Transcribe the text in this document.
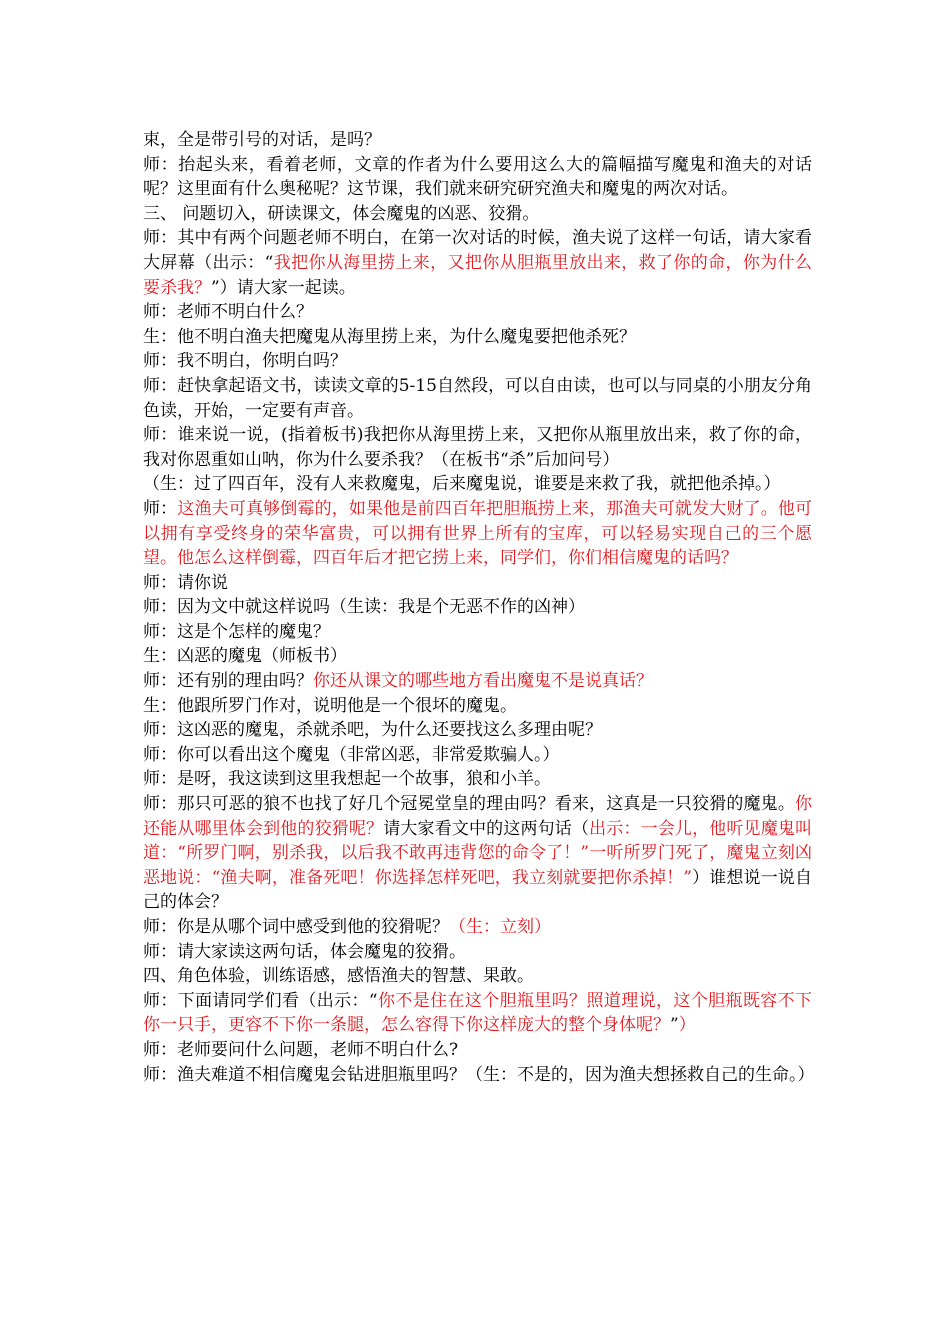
束，全是带引号的对话，是吗？

师：抬起头来，看着老师，文章的作者为什么要用这么大的篇幅描写魔鬼和渔夫的对话呢？这里面有什么奥秘呢？这节课，我们就来研究研究渔夫和魔鬼的两次对话。

三、 问题切入，研读课文，体会魔鬼的凶恶、狡猾。

师：其中有两个问题老师不明白，在第一次对话的时候，渔夫说了这样一句话，请大家看大屏幕（出示：“我把你从海里捞上来，又把你从胆瓶里放出来，救了你的命，你为什么要杀我？”）请大家一起读。

师：老师不明白什么？

生：他不明白渔夫把魔鬼从海里捞上来，为什么魔鬼要把他杀死？

师：我不明白，你明白吗？

师：赶快拿起语文书，读读文章的5-15自然段，可以自由读，也可以与同桌的小朋友分角色读，开始，一定要有声音。

师：谁来说一说，(指着板书)我把你从海里捞上来，又把你从瓶里放出来，救了你的命，我对你恩重如山呐，你为什么要杀我？（在板书“杀”后加问号）

（生：过了四百年，没有人来救魔鬼，后来魔鬼说，谁要是来救了我，就把他杀掉。）

师：这渔夫可真够倒霉的，如果他是前四百年把胆瓶捞上来，那渔夫可就发大财了。他可以拥有享受终身的荣华富贵，可以拥有世界上所有的宝库，可以轻易实现自己的三个愿望。他怎么这样倒霉，四百年后才把它捞上来，同学们，你们相信魔鬼的话吗？

师：请你说

师：因为文中就这样说吗（生读：我是个无恶不作的凶神）

师：这是个怎样的魔鬼？

生：凶恶的魔鬼（师板书）

师：还有别的理由吗？你还从课文的哪些地方看出魔鬼不是说真话？

生：他跟所罗门作对，说明他是一个很坏的魔鬼。

师：这凶恶的魔鬼，杀就杀吧，为什么还要找这么多理由呢？

师：你可以看出这个魔鬼（非常凶恶，非常爱欺骗人。）

师：是呀，我这读到这里我想起一个故事，狼和小羊。

师：那只可恶的狼不也找了好几个冠冕堂皇的理由吗？看来，这真是一只狡猾的魔鬼。你还能从哪里体会到他的狡猾呢？请大家看文中的这两句话（出示：一会儿，他听见魔鬼叫道：“所罗门啊，别杀我，以后我不敢再违背您的命令了！”一听所罗门死了，魔鬼立刻凶恶地说：“渔夫啊，准备死吧！你选择怎样死吧，我立刻就要把你杀掉！”）谁想说一说自己的体会？

师：你是从哪个词中感受到他的狡猾呢？（生：立刻）

师：请大家读这两句话，体会魔鬼的狡猾。

四、角色体验，训练语感，感悟渔夫的智慧、果敢。

师：下面请同学们看（出示：“你不是住在这个胆瓶里吗？照道理说，这个胆瓶既容不下你一只手，更容不下你一条腿，怎么容得下你这样庞大的整个身体呢？”）

师：老师要问什么问题，老师不明白什么?

师：渔夫难道不相信魔鬼会钻进胆瓶里吗？（生：不是的，因为渔夫想拯救自己的生命。）
